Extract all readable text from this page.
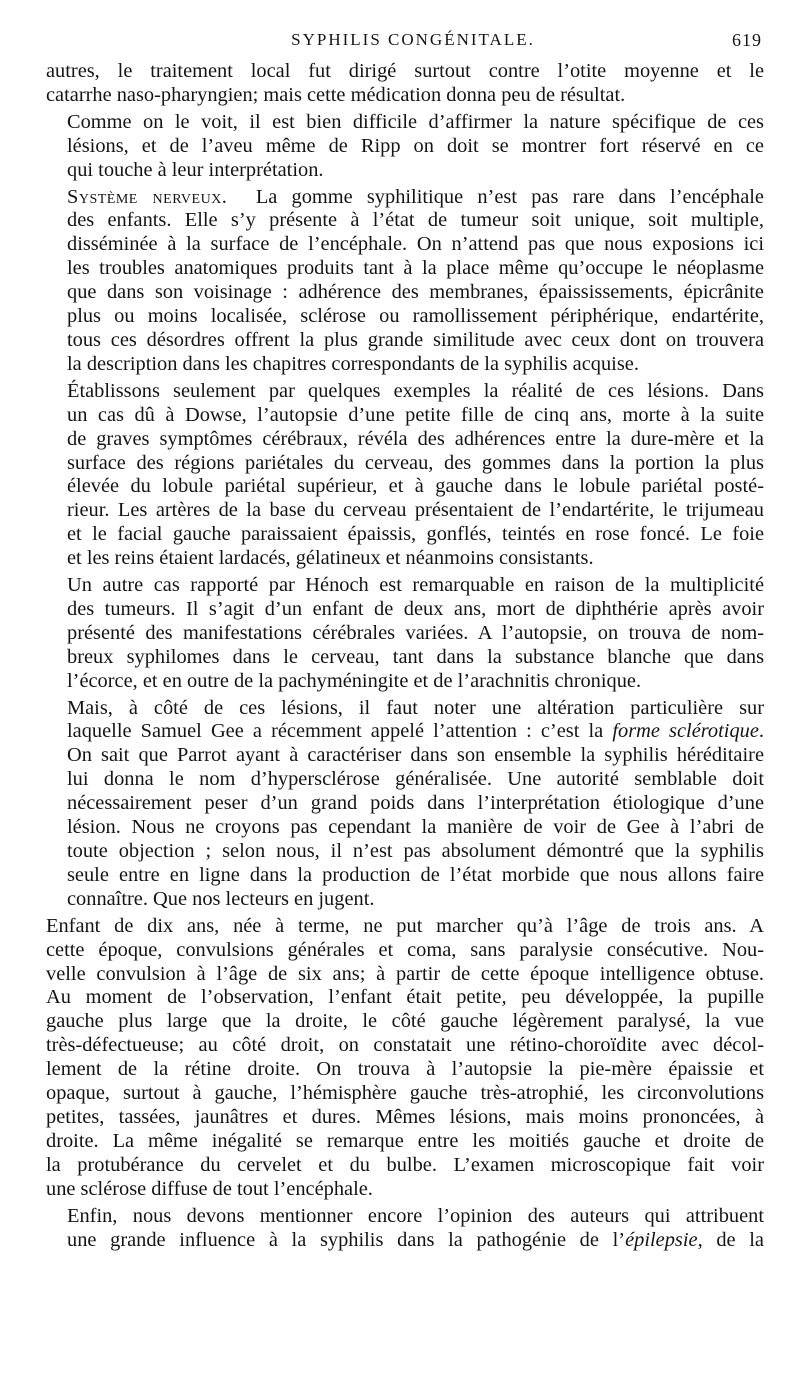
SYPHILIS CONGÉNITALE.	619

autres, le traitement local fut dirigé surtout contre l’otite moyenne et le
catarrhe naso-pharyngien; mais cette médication donna peu de résultat.

Comme on le voit, il est bien difficile d’affirmer la nature spécifique de ces
lésions, et de l’aveu même de Ripp on doit se montrer fort réservé en ce
qui touche à leur interprétation.

Système nerveux. La gomme syphilitique n’est pas rare dans l’encéphale
des enfants. Elle s’y présente à l’état de tumeur soit unique, soit multiple,
disséminée à la surface de l’encéphale. On n’attend pas que nous exposions ici
les troubles anatomiques produits tant à la place même qu’occupe le néoplasme
que dans son voisinage : adhérence des membranes, épaississements, épicrânite
plus ou moins localisée, sclérose ou ramollissement périphérique, endartérite,
tous ces désordres offrent la plus grande similitude avec ceux dont on trouvera
la description dans les chapitres correspondants de la syphilis acquise.

Établissons seulement par quelques exemples la réalité de ces lésions. Dans
un cas dû à Dowse, l’autopsie d’une petite fille de cinq ans, morte à la suite
de graves symptômes cérébraux, révéla des adhérences entre la dure-mère et la
surface des régions pariétales du cerveau, des gommes dans la portion la plus
élevée du lobule pariétal supérieur, et à gauche dans le lobule pariétal posté-
rieur. Les artères de la base du cerveau présentaient de l’endartérite, le trijumeau
et le facial gauche paraissaient épaissis, gonflés, teintés en rose foncé. Le foie
et les reins étaient lardacés, gélatineux et néanmoins consistants.

Un autre cas rapporté par Hénoch est remarquable en raison de la multiplicité
des tumeurs. Il s’agit d’un enfant de deux ans, mort de diphthérie après avoir
présenté des manifestations cérébrales variées. A l’autopsie, on trouva de nom-
breux syphilomes dans le cerveau, tant dans la substance blanche que dans
l’écorce, et en outre de la pachyméningite et de l’arachnitis chronique.

Mais, à côté de ces lésions, il faut noter une altération particulière sur
laquelle Samuel Gee a récemment appelé l’attention : c’est la forme sclérotique.
On sait que Parrot ayant à caractériser dans son ensemble la syphilis héréditaire
lui donna le nom d’hypersclérose généralisée. Une autorité semblable doit
nécessairement peser d’un grand poids dans l’interprétation étiologique d’une
lésion. Nous ne croyons pas cependant la manière de voir de Gee à l’abri de
toute objection ; selon nous, il n’est pas absolument démontré que la syphilis
seule entre en ligne dans la production de l’état morbide que nous allons faire
connaître. Que nos lecteurs en jugent.

Enfant de dix ans, née à terme, ne put marcher qu’à l’âge de trois ans. A
cette époque, convulsions générales et coma, sans paralysie consécutive. Nou-
velle convulsion à l’âge de six ans; à partir de cette époque intelligence obtuse.
Au moment de l’observation, l’enfant était petite, peu développée, la pupille
gauche plus large que la droite, le côté gauche légèrement paralysé, la vue
très-défectueuse; au côté droit, on constatait une rétino-choroïdite avec décol-
lement de la rétine droite. On trouva à l’autopsie la pie-mère épaissie et
opaque, surtout à gauche, l’hémisphère gauche très-atrophié, les circonvolutions
petites, tassées, jaunâtres et dures. Mêmes lésions, mais moins prononcées, à
droite. La même inégalité se remarque entre les moitiés gauche et droite de
la protubérance du cervelet et du bulbe. L’examen microscopique fait voir
une sclérose diffuse de tout l’encéphale.

Enfin, nous devons mentionner encore l’opinion des auteurs qui attribuent
une grande influence à la syphilis dans la pathogénie de l’épilepsie, de la
